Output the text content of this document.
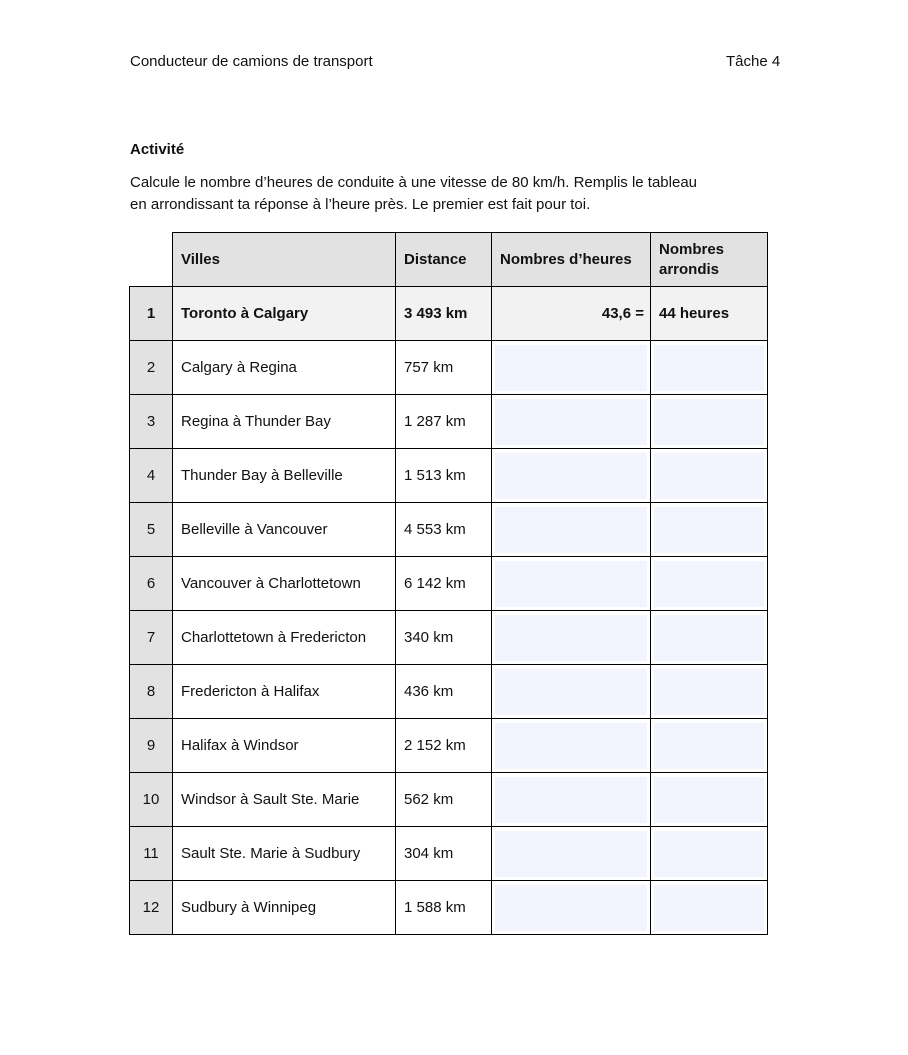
Conducteur de camions de transport	Tâche 4
Activité
Calcule le nombre d’heures de conduite à une vitesse de 80 km/h. Remplis le tableau
en arrondissant ta réponse à l’heure près. Le premier est fait pour toi.
	Villes	Distance	Nombres d’heures	Nombres
arrondis

1	Toronto à Calgary	3 493 km	43,6 =	44 heures
2	Calgary à Regina	757 km	

3	Regina à Thunder Bay	1 287 km	

4	Thunder Bay à Belleville	1 513 km	

5	Belleville à Vancouver	4 553 km	

6	Vancouver à Charlottetown	6 142 km	

7	Charlottetown à Fredericton	340 km	

8	Fredericton à Halifax	436 km	

9	Halifax à Windsor	2 152 km	

10	Windsor à Sault Ste. Marie	562 km	

11	Sault Ste. Marie à Sudbury	304 km	

12	Sudbury à Winnipeg	1 588 km	
